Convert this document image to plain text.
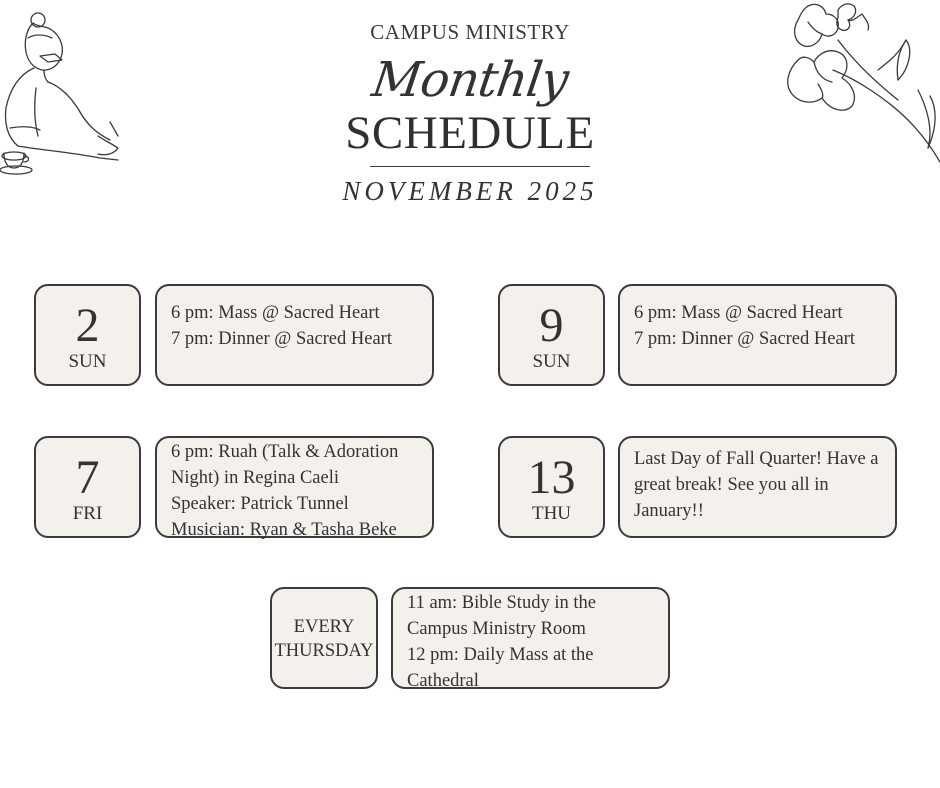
CAMPUS MINISTRY
Monthly
SCHEDULE
NOVEMBER 2025
2
SUN
6 pm: Mass @ Sacred Heart
7 pm: Dinner @ Sacred Heart	9
SUN
6 pm: Mass @ Sacred Heart
7 pm: Dinner @ Sacred Heart
7
FRI
6 pm: Ruah (Talk & Adoration Night) in Regina Caeli
Speaker: Patrick Tunnel
Musician: Ryan & Tasha Beke
13
THU
Last Day of Fall Quarter! Have a great break! See you all in January!!
EVERY
THURSDAY
11 am: Bible Study in the Campus Ministry Room
12 pm: Daily Mass at the Cathedral
